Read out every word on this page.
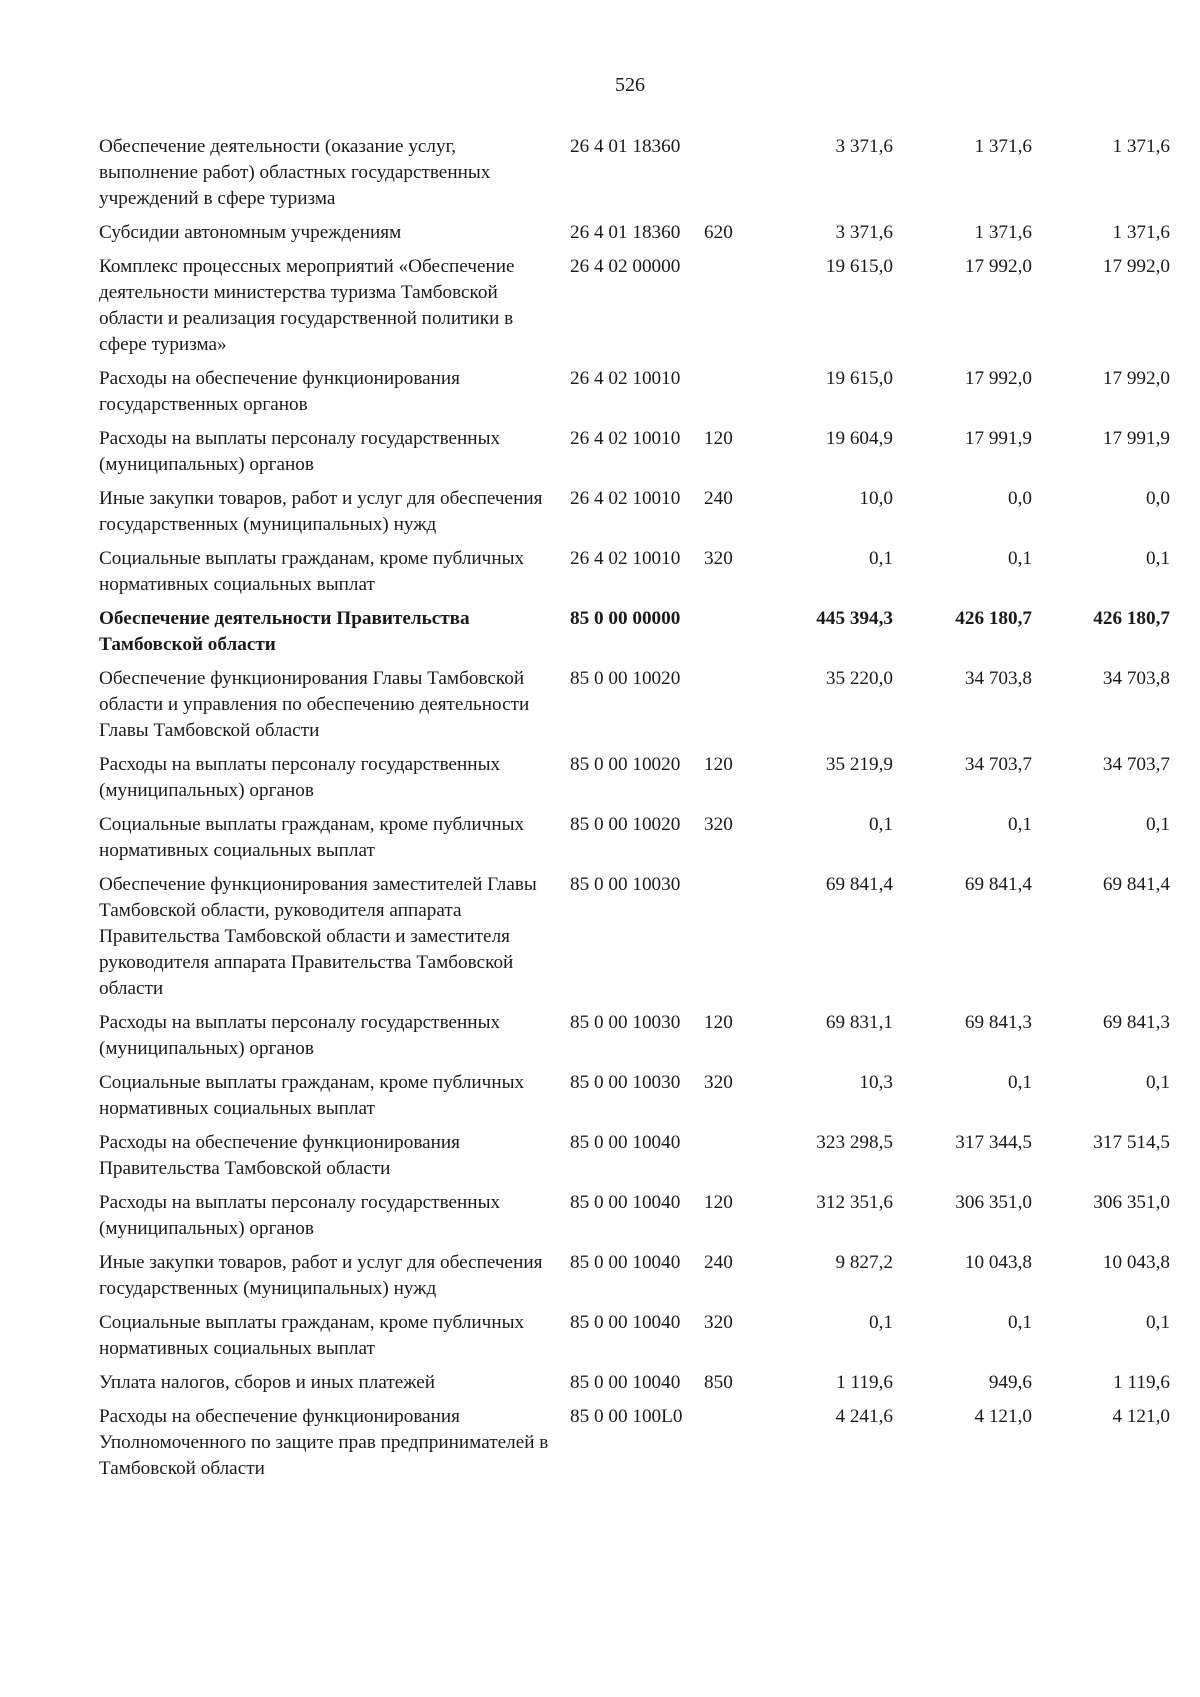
526
Обеспечение деятельности (оказание услуг, выполнение работ) областных государственных учреждений в сфере туризма	26 4 01 18360		3 371,6	1 371,6	1 371,6
Субсидии автономным учреждениям	26 4 01 18360	620	3 371,6	1 371,6	1 371,6
Комплекс процессных мероприятий «Обеспечение деятельности министерства туризма Тамбовской области и реализация государственной политики в сфере туризма»	26 4 02 00000		19 615,0	17 992,0	17 992,0
Расходы на обеспечение функционирования государственных органов	26 4 02 10010		19 615,0	17 992,0	17 992,0
Расходы на выплаты персоналу государственных (муниципальных) органов	26 4 02 10010	120	19 604,9	17 991,9	17 991,9
Иные закупки товаров, работ и услуг для обеспечения государственных (муниципальных) нужд	26 4 02 10010	240	10,0	0,0	0,0
Социальные выплаты гражданам, кроме публичных нормативных социальных выплат	26 4 02 10010	320	0,1	0,1	0,1
Обеспечение деятельности Правительства Тамбовской области	85 0 00 00000		445 394,3	426 180,7	426 180,7
Обеспечение функционирования Главы Тамбовской области и управления по обеспечению деятельности Главы Тамбовской области	85 0 00 10020		35 220,0	34 703,8	34 703,8
Расходы на выплаты персоналу государственных (муниципальных) органов	85 0 00 10020	120	35 219,9	34 703,7	34 703,7
Социальные выплаты гражданам, кроме публичных нормативных социальных выплат	85 0 00 10020	320	0,1	0,1	0,1
Обеспечение функционирования заместителей Главы Тамбовской области, руководителя аппарата Правительства Тамбовской области и заместителя руководителя аппарата Правительства Тамбовской области	85 0 00 10030		69 841,4	69 841,4	69 841,4
Расходы на выплаты персоналу государственных (муниципальных) органов	85 0 00 10030	120	69 831,1	69 841,3	69 841,3
Социальные выплаты гражданам, кроме публичных нормативных социальных выплат	85 0 00 10030	320	10,3	0,1	0,1
Расходы на обеспечение функционирования Правительства Тамбовской области	85 0 00 10040		323 298,5	317 344,5	317 514,5
Расходы на выплаты персоналу государственных (муниципальных) органов	85 0 00 10040	120	312 351,6	306 351,0	306 351,0
Иные закупки товаров, работ и услуг для обеспечения государственных (муниципальных) нужд	85 0 00 10040	240	9 827,2	10 043,8	10 043,8
Социальные выплаты гражданам, кроме публичных нормативных социальных выплат	85 0 00 10040	320	0,1	0,1	0,1
Уплата налогов, сборов и иных платежей	85 0 00 10040	850	1 119,6	949,6	1 119,6
Расходы на обеспечение функционирования Уполномоченного по защите прав предпринимателей в Тамбовской области	85 0 00 100L0		4 241,6	4 121,0	4 121,0
